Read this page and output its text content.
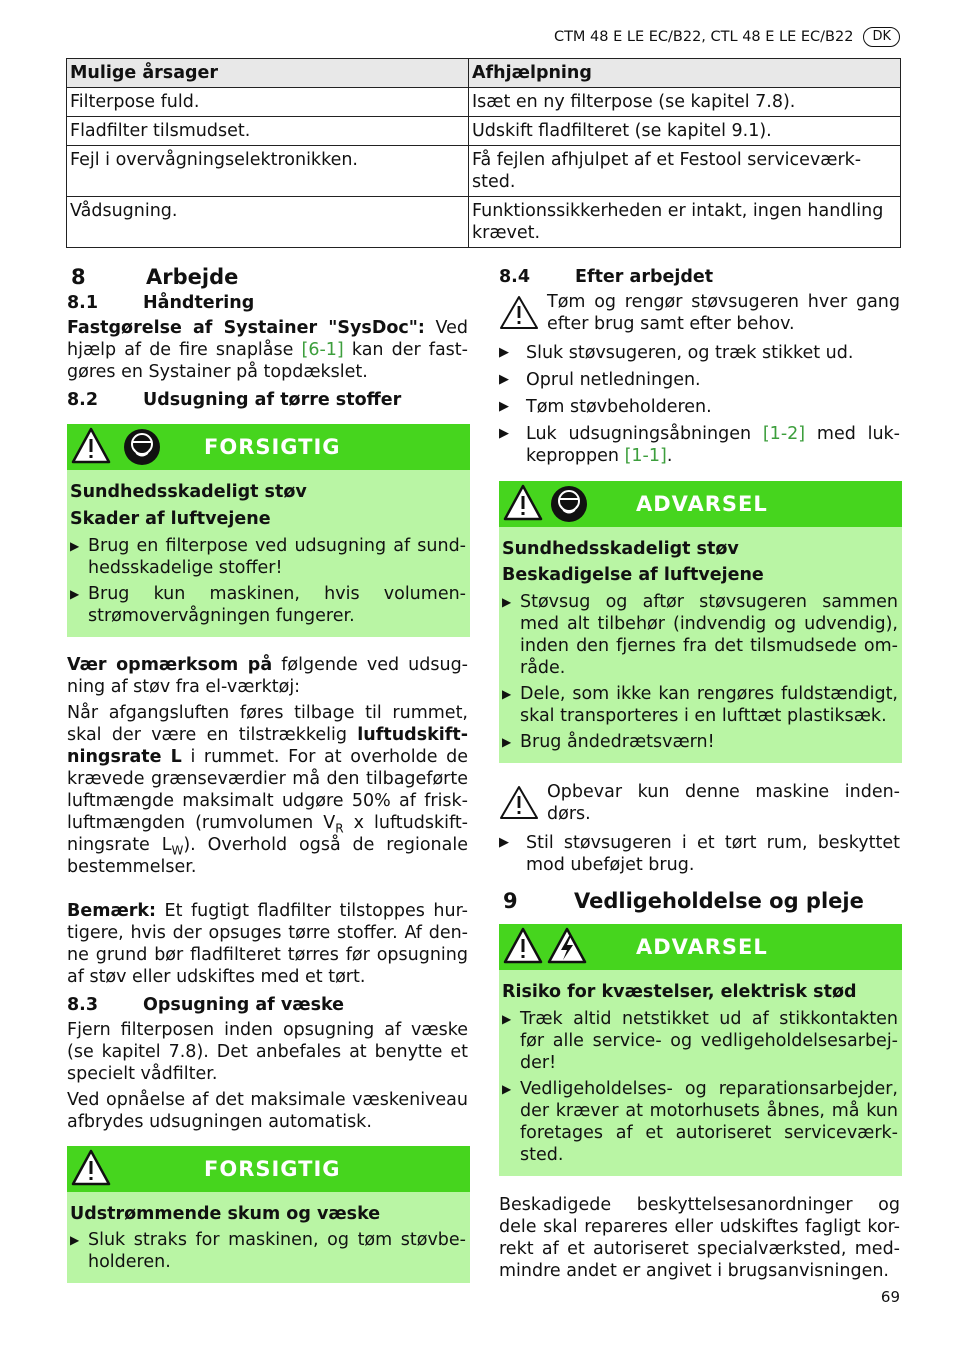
CTM 48 E LE EC/B22, CTL 48 E LE EC/B22	DK
Mulige årsager	Afhjælpning
Filterpose fuld.	Isæt en ny filterpose (se kapitel 7.8).
Fladfilter tilsmudset.	Udskift fladfilteret (se kapitel 9.1).
Fejl i overvågningselektronikken.	Få fejlen afhjulpet af et Festool serviceværk-sted.
Vådsugning.	Funktionssikkerheden er intakt, ingen handling krævet.
8	Arbejde
8.1	Håndtering

Fastgørelse af Systainer "SysDoc": Ved hjælp af de fire snaplåse [6-1] kan der fast-gøres en Systainer på topdækslet.

8.2	Udsugning af tørre stoffer
FORSIGTIG

Sundhedsskadeligt støv

Skader af luftvejene

▶ Brug en filterpose ved udsugning af sund-hedsskadelige stoffer!
▶ Brug kun maskinen, hvis volumen-strømovervågningen fungerer.

Vær opmærksom på følgende ved udsug-ning af støv fra el-værktøj:

Når afgangsluften føres tilbage til rummet, skal der være en tilstrækkelig luftudskift-ningsrate L i rummet. For at overholde de krævede grænseværdier må den tilbageførte luftmængde maksimalt udgøre 50% af frisk-luftmængden (rumvolumen $V_R$ x luftudskift-ningsrate $L_W$). Overhold også de regionale bestemmelser.

Bemærk: Et fugtigt fladfilter tilstoppes hur-tigere, hvis der opsuges tørre stoffer. Af den-ne grund bør fladfilteret tørres før opsugning af støv eller udskiftes med et tørt.

8.3	Opsugning af væske

Fjern filterposen inden opsugning af væske (se kapitel 7.8). Det anbefales at benytte et specielt vådfilter.

Ved opnåelse af det maksimale væskeniveau afbrydes udsugningen automatisk.

FORSIGTIG

Udstrømmende skum og væske

▶ Sluk straks for maskinen, og tøm støvbe-holderen.
8.4	Efter arbejdet
Tøm og rengør støvsugeren hver gang efter brug samt efter behov.
▶ Sluk støvsugeren, og træk stikket ud.
▶ Oprul netledningen.
▶ Tøm støvbeholderen.
▶ Luk udsugningsåbningen [1-2] med luk-keproppen [1-1].
ADVARSEL

Sundhedsskadeligt støv

Beskadigelse af luftvejene

▶ Støvsug og aftør støvsugeren sammen med alt tilbehør (indvendig og udvendig), inden den fjernes fra det tilsmudsede om-råde.
▶ Dele, som ikke kan rengøres fuldstændigt, skal transporteres i en lufttæt plastiksæk.
▶ Brug åndedrætsværn!
Opbevar kun denne maskine inden-dørs.
▶ Stil støvsugeren i et tørt rum, beskyttet mod ubeføjet brug.
9	Vedligeholdelse og pleje
ADVARSEL

Risiko for kvæstelser, elektrisk stød

▶ Træk altid netstikket ud af stikkontakten før alle service- og vedligeholdelsesarbej-der!
▶ Vedligeholdelses- og reparationsarbejder, der kræver at motorhusets åbnes, må kun foretages af et autoriseret serviceværk-sted.

Beskadigede beskyttelsesanordninger og dele skal repareres eller udskiftes fagligt kor-rekt af et autoriseret specialværksted, med-mindre andet er angivet i brugsanvisningen.

69
